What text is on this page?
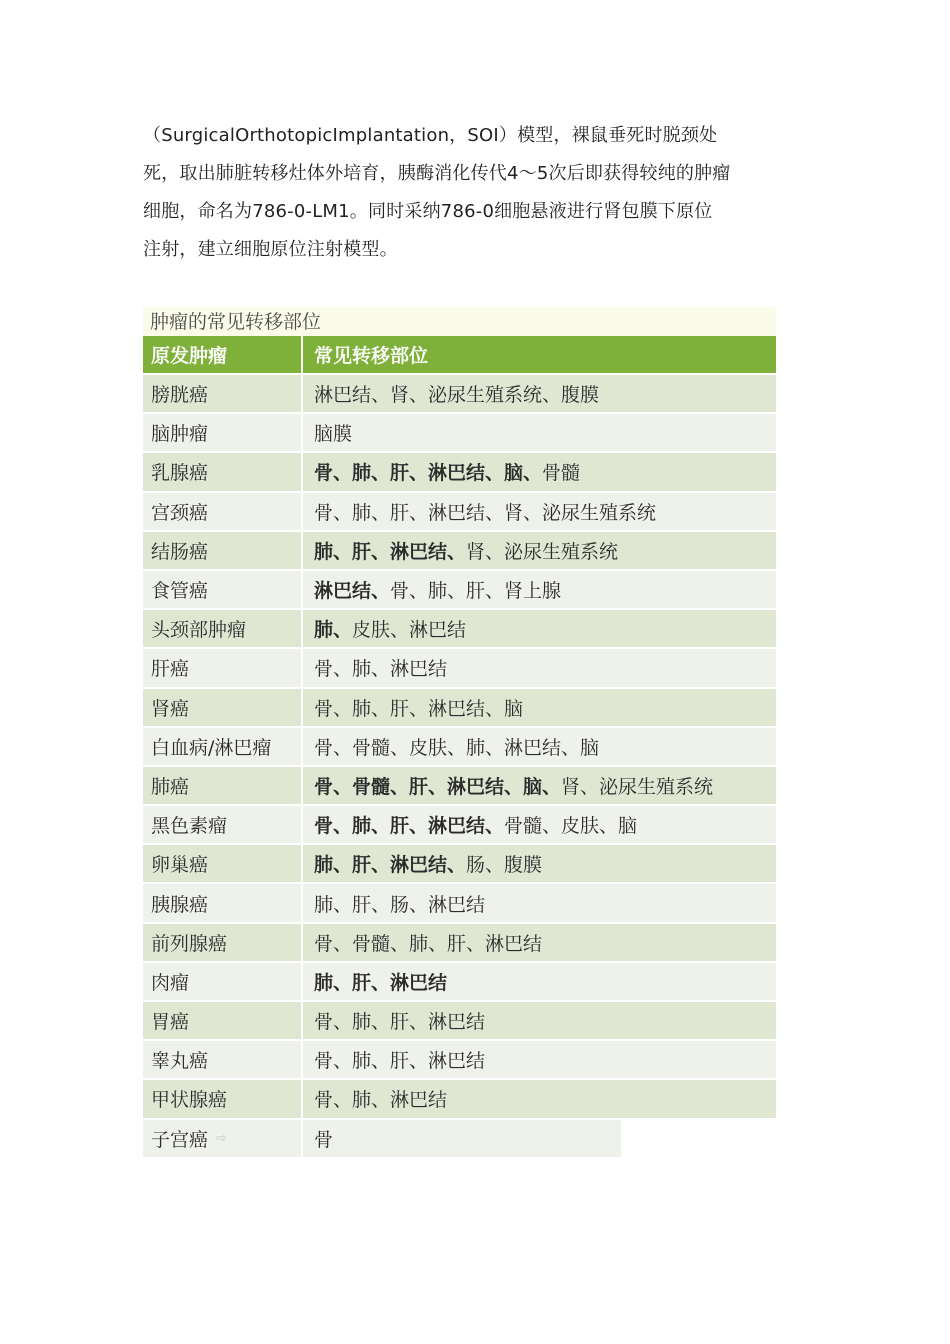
（SurgicalOrthotopicImplantation，SOI）模型，裸鼠垂死时脱颈处
死，取出肺脏转移灶体外培育，胰酶消化传代4～5次后即获得较纯的肿瘤
细胞，命名为786-0-LM1。同时采纳786-0细胞悬液进行肾包膜下原位
注射，建立细胞原位注射模型。
肿瘤的常见转移部位
原发肿瘤	常见转移部位
膀胱癌	淋巴结、肾、泌尿生殖系统、腹膜
脑肿瘤	脑膜
乳腺癌	骨、肺、肝、淋巴结、脑、 骨髓
宫颈癌	骨、肺、肝、淋巴结、肾、泌尿生殖系统
结肠癌	肺、肝、淋巴结、 肾、泌尿生殖系统
食管癌	淋巴结、 骨、肺、肝、肾上腺
头颈部肿瘤	肺、 皮肤、淋巴结
肝癌	骨、肺、淋巴结
肾癌	骨、肺、肝、淋巴结、脑
白血病/淋巴瘤 骨、骨髓、皮肤、肺、淋巴结、脑
肺癌	骨、骨髓、肝、淋巴结、脑、 肾、泌尿生殖系统
黑色素瘤	骨、肺、肝、淋巴结、 骨髓、皮肤、脑
卵巢癌	肺、肝、淋巴结、 肠、腹膜
胰腺癌	肺、肝、肠、淋巴结
前列腺癌	骨、骨髓、肺、肝、淋巴结
肉瘤	肺、肝、淋巴结
胃癌	骨、肺、肝、淋巴结
睾丸癌	骨、肺、肝、淋巴结
甲状腺癌	骨、肺、淋巴结
子宫癌 ⇨	骨
